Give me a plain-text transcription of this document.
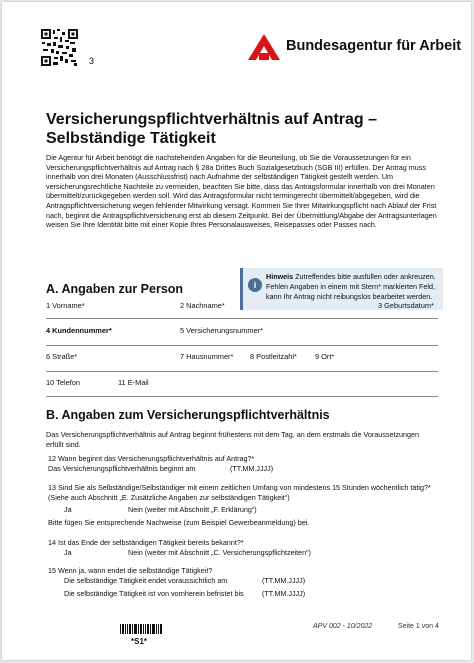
3
Bundesagentur für Arbeit
Versicherungspflichtverhältnis auf Antrag –
Selbständige Tätigkeit
Die Agentur für Arbeit benötigt die nachstehenden Angaben für die Beurteilung, ob Sie die Voraussetzungen für ein Versicherungspflichtverhältnis auf Antrag nach § 28a Drittes Buch Sozialgesetzbuch (SGB III) erfüllen. Der Antrag muss innerhalb von drei Monaten (Ausschlussfrist) nach Aufnahme der selbständigen Tätigkeit gestellt werden. Um versicherungsrechtliche Nachteile zu vermeiden, beachten Sie bitte, dass das Antragsformular innerhalb von drei Monaten übermittelt/zurückgegeben werden soll. Wird das Antragsformular nicht termingerecht übermittelt/abgegeben, wird die Antragspflichtversicherung wegen fehlender Mitwirkung versagt. Kommen Sie Ihrer Mitwirkungspflicht nach Ablauf der Frist nach, beginnt die Antragspflichtversicherung erst ab diesem Zeitpunkt. Bei der Übermittlung/Abgabe der Antragsunterlagen weisen Sie Ihre Identität bitte mit einer Kopie Ihres Personalausweises, Reisepasses oder Passes nach.
i
Hinweis Zutreffendes bitte ausfüllen oder ankreuzen. Fehlen Angaben in einem mit Stern* markierten Feld, kann Ihr Antrag nicht reibungslos bearbeitet werden.
A. Angaben zur Person
1 Vorname*	2 Nachname*	3 Geburtsdatum*
4 Kundennummer*	5 Versicherungsnummer*
6 Straße*	7 Hausnummer* 8 Postleitzahl* 9 Ort*
10 Telefon	11 E-Mail
B. Angaben zum Versicherungspflichtverhältnis
Das Versicherungspflichtverhältnis auf Antrag beginnt frühestens mit dem Tag, an dem erstmals die Voraussetzungen erfüllt sind.
12 Wann beginnt das Versicherungspflichtverhältnis auf Antrag?*
Das Versicherungspflichtverhältnis beginnt am	(TT.MM.JJJJ)
13 Sind Sie als Selbständige/Selbständiger mit einem zeitlichen Umfang von mindestens 15 Stunden wöchentlich tätig?*
(Siehe auch Abschnitt „E. Zusätzliche Angaben zur selbständigen Tätigkeit“)
Ja	Nein (weiter mit Abschnitt „F. Erklärung“)
Bitte fügen Sie entsprechende Nachweise (zum Beispiel Gewerbeanmeldung) bei.
14 Ist das Ende der selbständigen Tätigkeit bereits bekannt?*
Ja	Nein (weiter mit Abschnitt „C. Versicherungspflichtzeiten“)
15 Wenn ja, wann endet die selbständige Tätigkeit?
Die selbständige Tätigkeit endet voraussichtlich am	(TT.MM.JJJJ)
Die selbständige Tätigkeit ist von vornherein befristet bis	(TT.MM.JJJJ)
*S1*
APV 002 - 10/2022	Seite 1 von 4
